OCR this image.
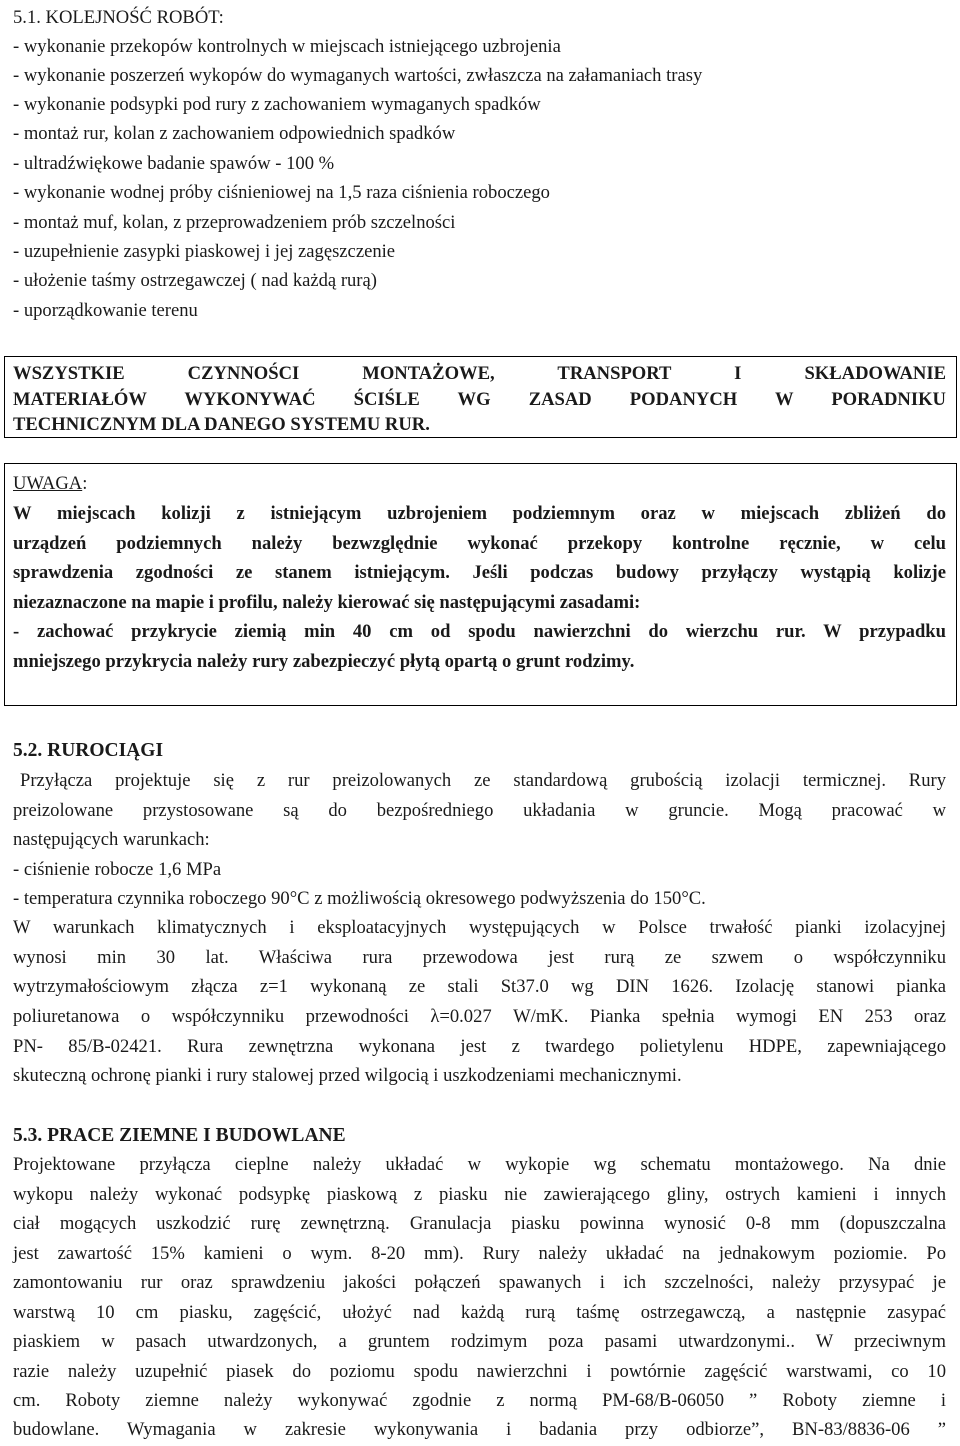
5.1. KOLEJNOŚĆ ROBÓT:
- wykonanie przekopów kontrolnych w miejscach istniejącego uzbrojenia
- wykonanie poszerzeń wykopów do wymaganych wartości, zwłaszcza na załamaniach trasy
- wykonanie podsypki pod rury z zachowaniem wymaganych spadków
- montaż rur, kolan z zachowaniem odpowiednich spadków
- ultradźwiękowe badanie spawów - 100 %
- wykonanie wodnej próby ciśnieniowej na 1,5 raza ciśnienia roboczego
- montaż muf, kolan, z przeprowadzeniem prób szczelności
- uzupełnienie zasypki piaskowej i jej zagęszczenie
- ułożenie taśmy ostrzegawczej ( nad każdą rurą)
- uporządkowanie terenu
WSZYSTKIE CZYNNOŚCI MONTAŻOWE, TRANSPORT I SKŁADOWANIE
MATERIAŁÓW WYKONYWAĆ ŚCIŚLE WG ZASAD PODANYCH W PORADNIKU
TECHNICZNYM DLA DANEGO SYSTEMU RUR.
UWAGA:
W miejscach kolizji z istniejącym uzbrojeniem podziemnym oraz w miejscach zbliżeń do
urządzeń podziemnych należy bezwzględnie wykonać przekopy kontrolne ręcznie, w celu
sprawdzenia zgodności ze stanem istniejącym. Jeśli podczas budowy przyłączy wystąpią kolizje
niezaznaczone na mapie i profilu, należy kierować się następującymi zasadami:
- zachować przykrycie ziemią min 40 cm od spodu nawierzchni do wierzchu rur. W przypadku
mniejszego przykrycia należy rury zabezpieczyć płytą opartą o grunt rodzimy.
5.2. RUROCIĄGI
Przyłącza projektuje się z rur preizolowanych ze standardową grubością izolacji termicznej. Rury
preizolowane przystosowane są do bezpośredniego układania w gruncie. Mogą pracować w
następujących warunkach:
- ciśnienie robocze 1,6 MPa
- temperatura czynnika roboczego 90°C z możliwością okresowego podwyższenia do 150°C.
W warunkach klimatycznych i eksploatacyjnych występujących w Polsce trwałość pianki izolacyjnej
wynosi min 30 lat. Właściwa rura przewodowa jest rurą ze szwem o współczynniku
wytrzymałościowym złącza z=1 wykonaną ze stali St37.0 wg DIN 1626. Izolację stanowi pianka
poliuretanowa o współczynniku przewodności λ=0.027 W/mK. Pianka spełnia wymogi EN 253 oraz
PN- 85/B-02421. Rura zewnętrzna wykonana jest z twardego polietylenu HDPE, zapewniającego
skuteczną ochronę pianki i rury stalowej przed wilgocią i uszkodzeniami mechanicznymi.
5.3. PRACE ZIEMNE I BUDOWLANE
Projektowane przyłącza cieplne należy układać w wykopie wg schematu montażowego. Na dnie
wykopu należy wykonać podsypkę piaskową z piasku nie zawierającego gliny, ostrych kamieni i innych
ciał mogących uszkodzić rurę zewnętrzną. Granulacja piasku powinna wynosić 0-8 mm (dopuszczalna
jest zawartość 15% kamieni o wym. 8-20 mm). Rury należy układać na jednakowym poziomie. Po
zamontowaniu rur oraz sprawdzeniu jakości połączeń spawanych i ich szczelności, należy przysypać je
warstwą 10 cm piasku, zagęścić, ułożyć nad każdą rurą taśmę ostrzegawczą, a następnie zasypać
piaskiem w pasach utwardzonych, a gruntem rodzimym poza pasami utwardzonymi.. W przeciwnym
razie należy uzupełnić piasek do poziomu spodu nawierzchni i powtórnie zagęścić warstwami, co 10
cm. Roboty ziemne należy wykonywać zgodnie z normą PM-68/B-06050 ” Roboty ziemne i
budowlane. Wymagania w zakresie wykonywania i badania przy odbiorze”, BN-83/8836-06 ”
